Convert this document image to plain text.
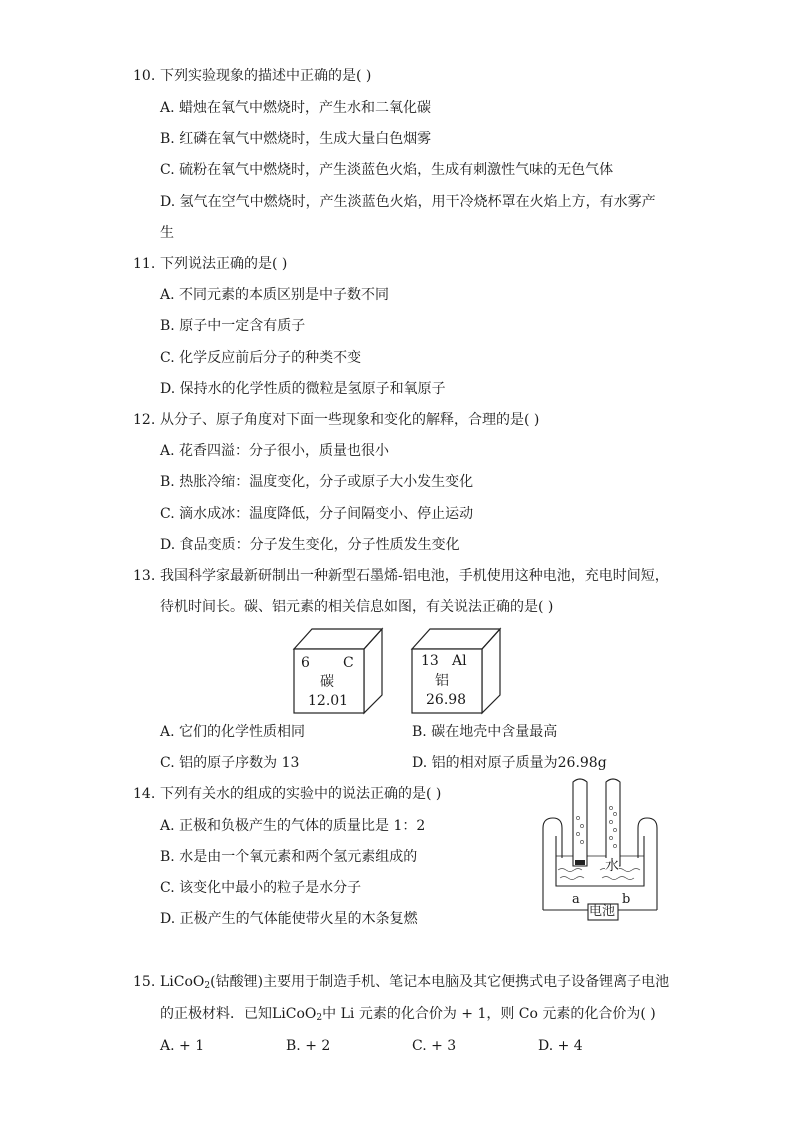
10. 下列实验现象的描述中正确的是( )
A. 蜡烛在氧气中燃烧时，产生水和二氧化碳
B. 红磷在氧气中燃烧时，生成大量白色烟雾
C. 硫粉在氧气中燃烧时，产生淡蓝色火焰，生成有刺激性气味的无色气体
D. 氢气在空气中燃烧时，产生淡蓝色火焰，用干冷烧杯罩在火焰上方，有水雾产
生
11. 下列说法正确的是( )
A. 不同元素的本质区别是中子数不同
B. 原子中一定含有质子
C. 化学反应前后分子的种类不变
D. 保持水的化学性质的微粒是氢原子和氧原子
12. 从分子、原子角度对下面一些现象和变化的解释，合理的是( )
A. 花香四溢：分子很小，质量也很小
B. 热胀冷缩：温度变化，分子或原子大小发生变化
C. 滴水成冰：温度降低，分子间隔变小、停止运动
D. 食品变质：分子发生变化，分子性质发生变化
13. 我国科学家最新研制出一种新型石墨烯-铝电池，手机使用这种电池，充电时间短，
待机时间长。碳、铝元素的相关信息如图，有关说法正确的是( )
6 C
碳
12.01
13 Al
铝
26.98
A. 它们的化学性质相同	B. 碳在地壳中含量最高
C. 铝的原子序数为 13	D. 铝的相对原子质量为26.98g
14. 下列有关水的组成的实验中的说法正确的是( )
A. 正极和负极产生的气体的质量比是 1：2
B. 水是由一个氧元素和两个氢元素组成的
C. 该变化中最小的粒子是水分子
D. 正极产生的气体能使带火星的木条复燃
水
a	b
电池
15. LiCoO$_2$(钴酸锂)主要用于制造手机、笔记本电脑及其它便携式电子设备锂离子电池
的正极材料．已知LiCoO$_2$中 Li 元素的化合价为 + 1，则 Co 元素的化合价为( )
A. + 1	B. + 2	C. + 3	D. + 4
